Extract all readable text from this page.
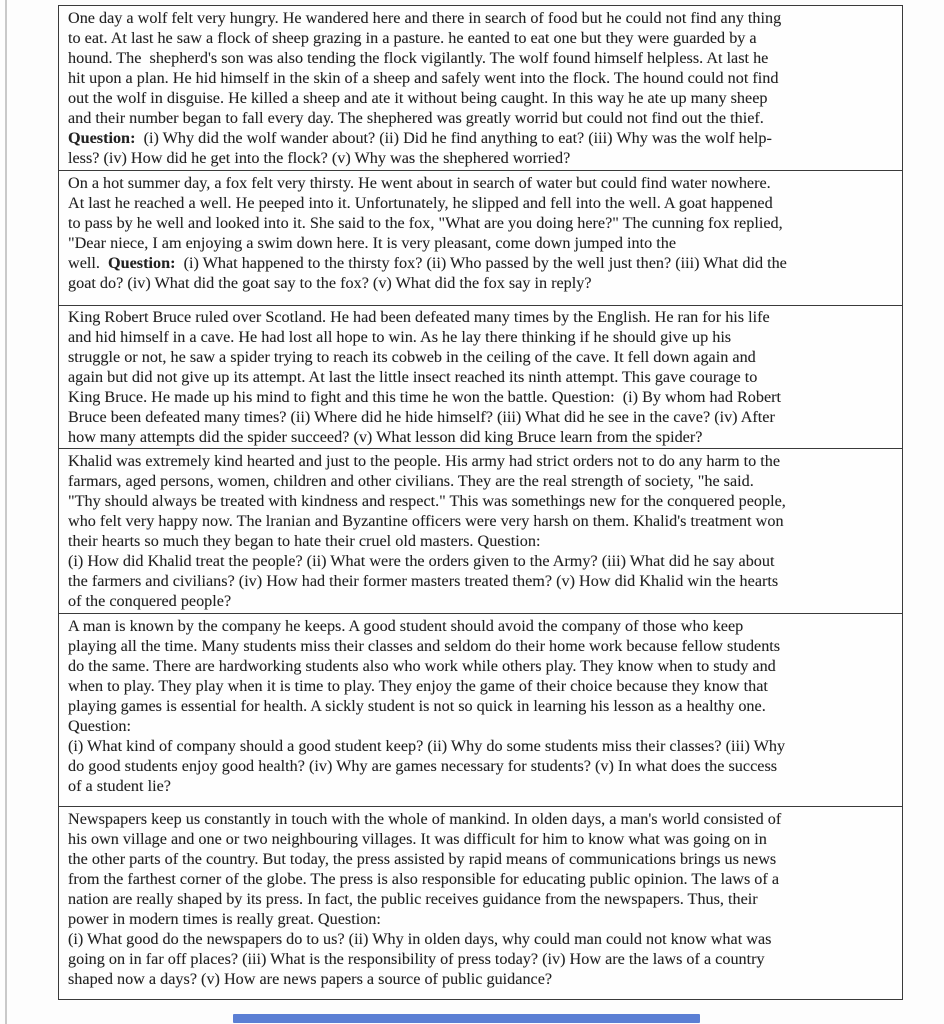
One day a wolf felt very hungry. He wandered here and there in search of food but he could not find any thing
to eat. At last he saw a flock of sheep grazing in a pasture. he eanted to eat one but they were guarded by a
hound. The  shepherd's son was also tending the flock vigilantly. The wolf found himself helpless. At last he
hit upon a plan. He hid himself in the skin of a sheep and safely went into the flock. The hound could not find
out the wolf in disguise. He killed a sheep and ate it without being caught. In this way he ate up many sheep
and their number began to fall every day. The shephered was greatly worrid but could not find out the thief.
Question:  (i) Why did the wolf wander about? (ii) Did he find anything to eat? (iii) Why was the wolf help-
less? (iv) How did he get into the flock? (v) Why was the shephered worried?
On a hot summer day, a fox felt very thirsty. He went about in search of water but could find water nowhere.
At last he reached a well. He peeped into it. Unfortunately, he slipped and fell into the well. A goat happened
to pass by he well and looked into it. She said to the fox, "What are you doing here?" The cunning fox replied,
"Dear niece, I am enjoying a swim down here. It is very pleasant, come down jumped into the
well.  Question:  (i) What happened to the thirsty fox? (ii) Who passed by the well just then? (iii) What did the
goat do? (iv) What did the goat say to the fox? (v) What did the fox say in reply?
King Robert Bruce ruled over Scotland. He had been defeated many times by the English. He ran for his life
and hid himself in a cave. He had lost all hope to win. As he lay there thinking if he should give up his
struggle or not, he saw a spider trying to reach its cobweb in the ceiling of the cave. It fell down again and
again but did not give up its attempt. At last the little insect reached its ninth attempt. This gave courage to
King Bruce. He made up his mind to fight and this time he won the battle. Question:  (i) By whom had Robert
Bruce been defeated many times? (ii) Where did he hide himself? (iii) What did he see in the cave? (iv) After
how many attempts did the spider succeed? (v) What lesson did king Bruce learn from the spider?
Khalid was extremely kind hearted and just to the people. His army had strict orders not to do any harm to the
farmars, aged persons, women, children and other civilians. They are the real strength of society, "he said.
"Thy should always be treated with kindness and respect." This was somethings new for the conquered people,
who felt very happy now. The lranian and Byzantine officers were very harsh on them. Khalid's treatment won
their hearts so much they began to hate their cruel old masters. Question:
(i) How did Khalid treat the people? (ii) What were the orders given to the Army? (iii) What did he say about
the farmers and civilians? (iv) How had their former masters treated them? (v) How did Khalid win the hearts
of the conquered people?
A man is known by the company he keeps. A good student should avoid the company of those who keep
playing all the time. Many students miss their classes and seldom do their home work because fellow students
do the same. There are hardworking students also who work while others play. They know when to study and
when to play. They play when it is time to play. They enjoy the game of their choice because they know that
playing games is essential for health. A sickly student is not so quick in learning his lesson as a healthy one.
Question:
(i) What kind of company should a good student keep? (ii) Why do some students miss their classes? (iii) Why
do good students enjoy good health? (iv) Why are games necessary for students? (v) In what does the success
of a student lie?
Newspapers keep us constantly in touch with the whole of mankind. In olden days, a man's world consisted of
his own village and one or two neighbouring villages. It was difficult for him to know what was going on in
the other parts of the country. But today, the press assisted by rapid means of communications brings us news
from the farthest corner of the globe. The press is also responsible for educating public opinion. The laws of a
nation are really shaped by its press. In fact, the public receives guidance from the newspapers. Thus, their
power in modern times is really great. Question:
(i) What good do the newspapers do to us? (ii) Why in olden days, why could man could not know what was
going on in far off places? (iii) What is the responsibility of press today? (iv) How are the laws of a country
shaped now a days? (v) How are news papers a source of public guidance?
